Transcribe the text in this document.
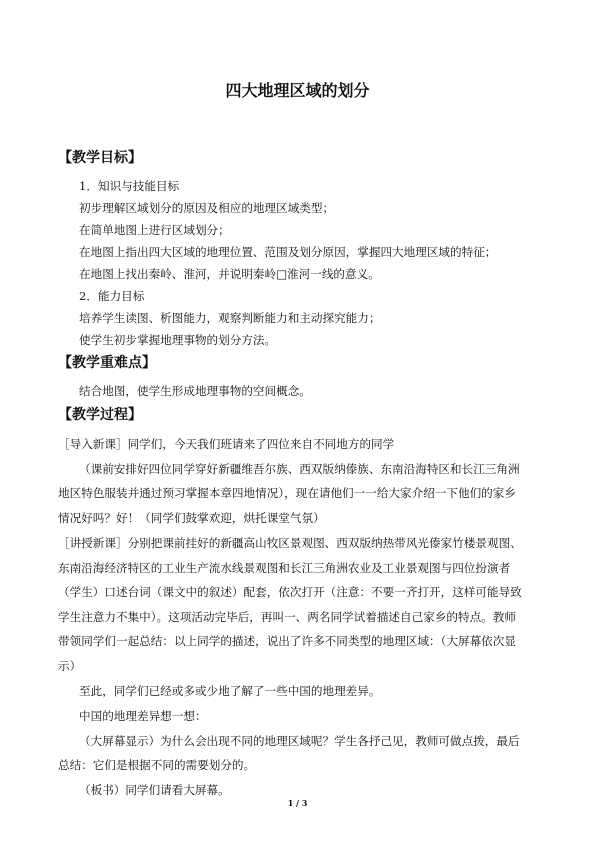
四大地理区域的划分
【教学目标】
1．知识与技能目标
初步理解区域划分的原因及相应的地理区域类型；
在简单地图上进行区域划分；
在地图上指出四大区域的地理位置、范围及划分原因，掌握四大地理区域的特征；
在地图上找出秦岭、淮河，并说明秦岭□淮河一线的意义。
2．能力目标
培养学生读图、析图能力，观察判断能力和主动探究能力；
使学生初步掌握地理事物的划分方法。
【教学重难点】
结合地图，使学生形成地理事物的空间概念。
【教学过程】
［导入新课］同学们，今天我们班请来了四位来自不同地方的同学
（课前安排好四位同学穿好新疆维吾尔族、西双版纳傣族、东南沿海特区和长江三角洲
地区特色服装并通过预习掌握本章四地情况），现在请他们一一给大家介绍一下他们的家乡
情况好吗？好！（同学们鼓掌欢迎，烘托课堂气氛）
［讲授新课］分别把课前挂好的新疆高山牧区景观图、西双版纳热带风光傣家竹楼景观图、
东南沿海经济特区的工业生产流水线景观图和长江三角洲农业及工业景观图与四位扮演者
（学生）口述台词（课文中的叙述）配套，依次打开（注意：不要一齐打开，这样可能导致
学生注意力不集中）。这项活动完毕后，再叫一、两名同学试着描述自己家乡的特点。教师
带领同学们一起总结：以上同学的描述，说出了许多不同类型的地理区域：（大屏幕依次显
示）
至此，同学们已经或多或少地了解了一些中国的地理差异。
中国的地理差异想一想：
（大屏幕显示）为什么会出现不同的地理区域呢？学生各抒己见，教师可做点拨，最后
总结：它们是根据不同的需要划分的。
（板书）同学们请看大屏幕。
1 / 3
